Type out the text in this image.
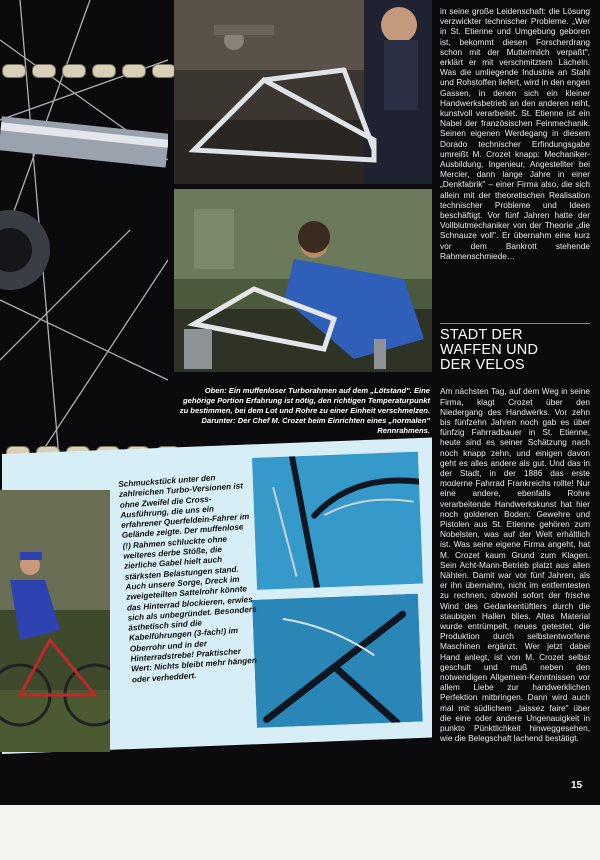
Oben: Ein muffenloser Turborahmen auf dem „Lötstand". Eine gehörige Portion Erfahrung ist nötig, den richtigen Temperaturpunkt zu bestimmen, bei dem Lot und Rohre zu einer Einheit verschmelzen. Darunter: Der Chef M. Crozet beim Einrichten eines „normalen" Rennrahmens.

in seine große Leidenschaft: die Lösung verzwickter technischer Probleme. „Wer in St. Etienne und Umgebung geboren ist, bekommt diesen Forscherdrang schon mit der Muttermilch verpaßt", erklärt er mit verschmitztem Lächeln. Was die umliegende Industrie an Stahl und Rohstoffen liefert, wird in den engen Gassen, in denen sich ein kleiner Handwerksbetrieb an den anderen reiht, kunstvoll verarbeitet. St. Etienne ist ein Nabel der französischen Feinmechanik. Seinen eigenen Werdegang in diesem Dorado technischer Erfindungsgabe umreißt M. Crozet knapp: Mechaniker-Ausbildung, Ingenieur, Angestellter bei Mercier, dann lange Jahre in einer „Denkfabrik" – einer Firma also, die sich allein mit der theoretischen Realisation technischer Probleme und Ideen beschäftigt. Vor fünf Jahren hatte der Vollblutmechaniker von der Theorie „die Schnauze voll". Er übernahm eine kurz vor dem Bankrott stehende Rahmenschmiede…

STADT DER
WAFFEN UND
DER VELOS

Am nächsten Tag, auf dem Weg in seine Firma, klagt Crozet über den Niedergang des Handwerks. Vor zehn bis fünfzehn Jahren noch gab es über fünfzig Fahrradbauer in St. Etienne, heute sind es seiner Schätzung nach noch knapp zehn, und einigen davon geht es alles andere als gut. Und das in der Stadt, in der 1886 das erste moderne Fahrrad Frankreichs rollte! Nur eine andere, ebenfalls Rohre verarbeitende Handwerkskunst hat hier noch goldenen Boden: Gewehre und Pistolen aus St. Etienne gehören zum Nobelsten, was auf der Welt erhältlich ist. Was seine eigene Firma angeht, hat M. Crozet kaum Grund zum Klagen. Sein Acht-Mann-Betrieb platzt aus allen Nähten. Damit war vor fünf Jahren, als er ihn übernahm, nicht im entferntesten zu rechnen, obwohl sofort der frische Wind des Gedankentüftlers durch die staubigen Hallen blies. Altes Material wurde entrümpelt, neues getestet, die Produktion durch selbstentworfene Maschinen ergänzt. Wer jetzt dabei Hand anlegt, ist von M. Crozet selbst geschult und muß neben den notwendigen Allgemein-Kenntnissen vor allem Liebe zur handwerklichen Perfektion mitbringen. Dann wird auch mal mit südlichem „laissez faire" über die eine oder andere Ungenauigkeit in punkto Pünktlichkeit hinweggesehen, wie die Belegschaft lachend bestätigt.

Schmuckstück unter den zahlreichen Turbo-Versionen ist ohne Zweifel die Cross-Ausführung, die uns ein erfahrener Querfeldein-Fahrer im Gelände zeigte. Der muffenlose (!) Rahmen schluckte ohne weiteres derbe Stöße, die zierliche Gabel hielt auch stärksten Belastungen stand. Auch unsere Sorge, Dreck im zweigeteilten Sattelrohr könnte das Hinterrad blockieren, erwies sich als unbegründet. Besonders ästhetisch sind die Kabelführungen (3-fach!) im Oberrohr und in der Hinterradstrebe! Praktischer Wert: Nichts bleibt mehr hängen oder verheddert.

15
